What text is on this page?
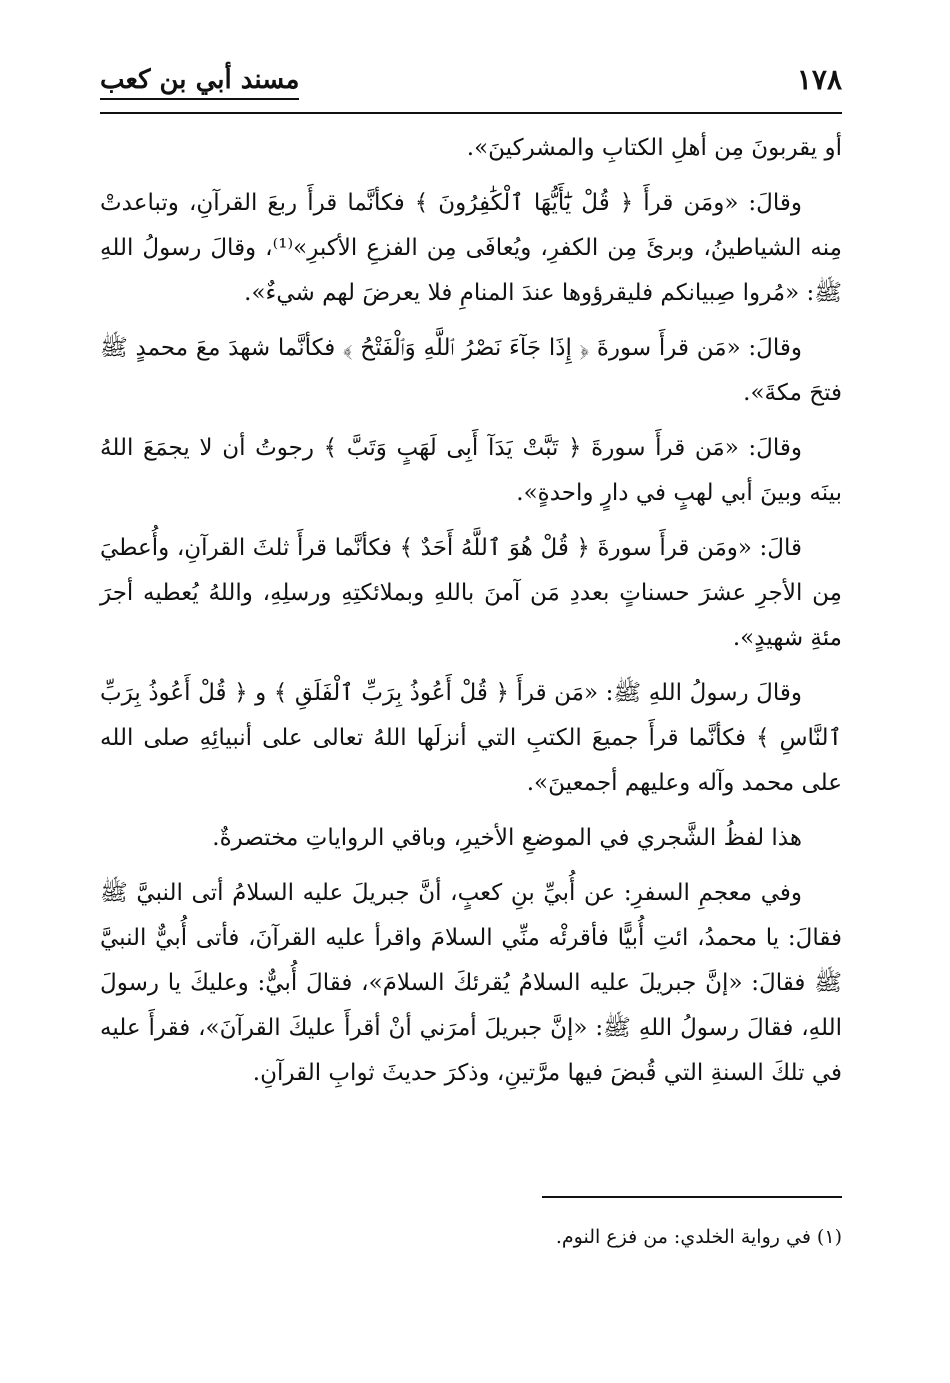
١٧٨
مسند أبي بن كعب

أو يقربونَ مِن أهلِ الكتابِ والمشركينَ».

وقالَ: «ومَن قرأَ ﴿ قُلْ يَٰٓأَيُّهَا ٱلْكَٰفِرُونَ ﴾ فكأنَّما قرأَ ربعَ القرآنِ، وتباعدتْ مِنه الشياطينُ، وبرئَ مِن الكفرِ، ويُعافَى مِن الفزعِ الأكبرِ»⁽¹⁾، وقالَ رسولُ اللهِ ﷺ: «مُروا صِبيانكم فليقرؤوها عندَ المنامِ فلا يعرضَ لهم شيءٌ».

وقالَ: «مَن قرأَ سورةَ ﴿ إِذَا جَآءَ نَصْرُ ٱللَّهِ وَٱلْفَتْحُ ﴾ فكأنَّما شهدَ معَ محمدٍ ﷺ فتحَ مكةَ».

وقالَ: «مَن قرأَ سورةَ ﴿ تَبَّتْ يَدَآ أَبِى لَهَبٍ وَتَبَّ ﴾ رجوتُ أن لا يجمَعَ اللهُ بينَه وبينَ أبي لهبٍ في دارٍ واحدةٍ».

قالَ: «ومَن قرأَ سورةَ ﴿ قُلْ هُوَ ٱللَّهُ أَحَدٌ ﴾ فكأنَّما قرأَ ثلثَ القرآنِ، وأُعطيَ مِن الأجرِ عشرَ حسناتٍ بعددِ مَن آمنَ باللهِ وبملائكتِهِ ورسلِهِ، واللهُ يُعطيه أجرَ مئةِ شهيدٍ».

وقالَ رسولُ اللهِ ﷺ: «مَن قرأَ ﴿ قُلْ أَعُوذُ بِرَبِّ ٱلْفَلَقِ ﴾ و ﴿ قُلْ أَعُوذُ بِرَبِّ ٱلنَّاسِ ﴾ فكأنَّما قرأَ جميعَ الكتبِ التي أنزلَها اللهُ تعالى على أنبيائِهِ صلى الله على محمد وآله وعليهم أجمعينَ».

هذا لفظُ الشَّجري في الموضعِ الأخيرِ، وباقي الرواياتِ مختصرةٌ.

وفي معجمِ السفرِ: عن أُبيِّ بنِ كعبٍ، أنَّ جبريلَ عليه السلامُ أتى النبيَّ ﷺ فقالَ: يا محمدُ، ائتِ أُبيًّا فأقرئْه منِّي السلامَ واقرأ عليه القرآنَ، فأتى أُبيٌّ النبيَّ ﷺ فقالَ: «إنَّ جبريلَ عليه السلامُ يُقرئكَ السلامَ»، فقالَ أُبيٌّ: وعليكَ يا رسولَ اللهِ، فقالَ رسولُ اللهِ ﷺ: «إنَّ جبريلَ أمرَني أنْ أقرأَ عليكَ القرآنَ»، فقرأَ عليه في تلكَ السنةِ التي قُبضَ فيها مرَّتينِ، وذكرَ حديثَ ثوابِ القرآنِ.

(١) في رواية الخلدي: من فزع النوم.
